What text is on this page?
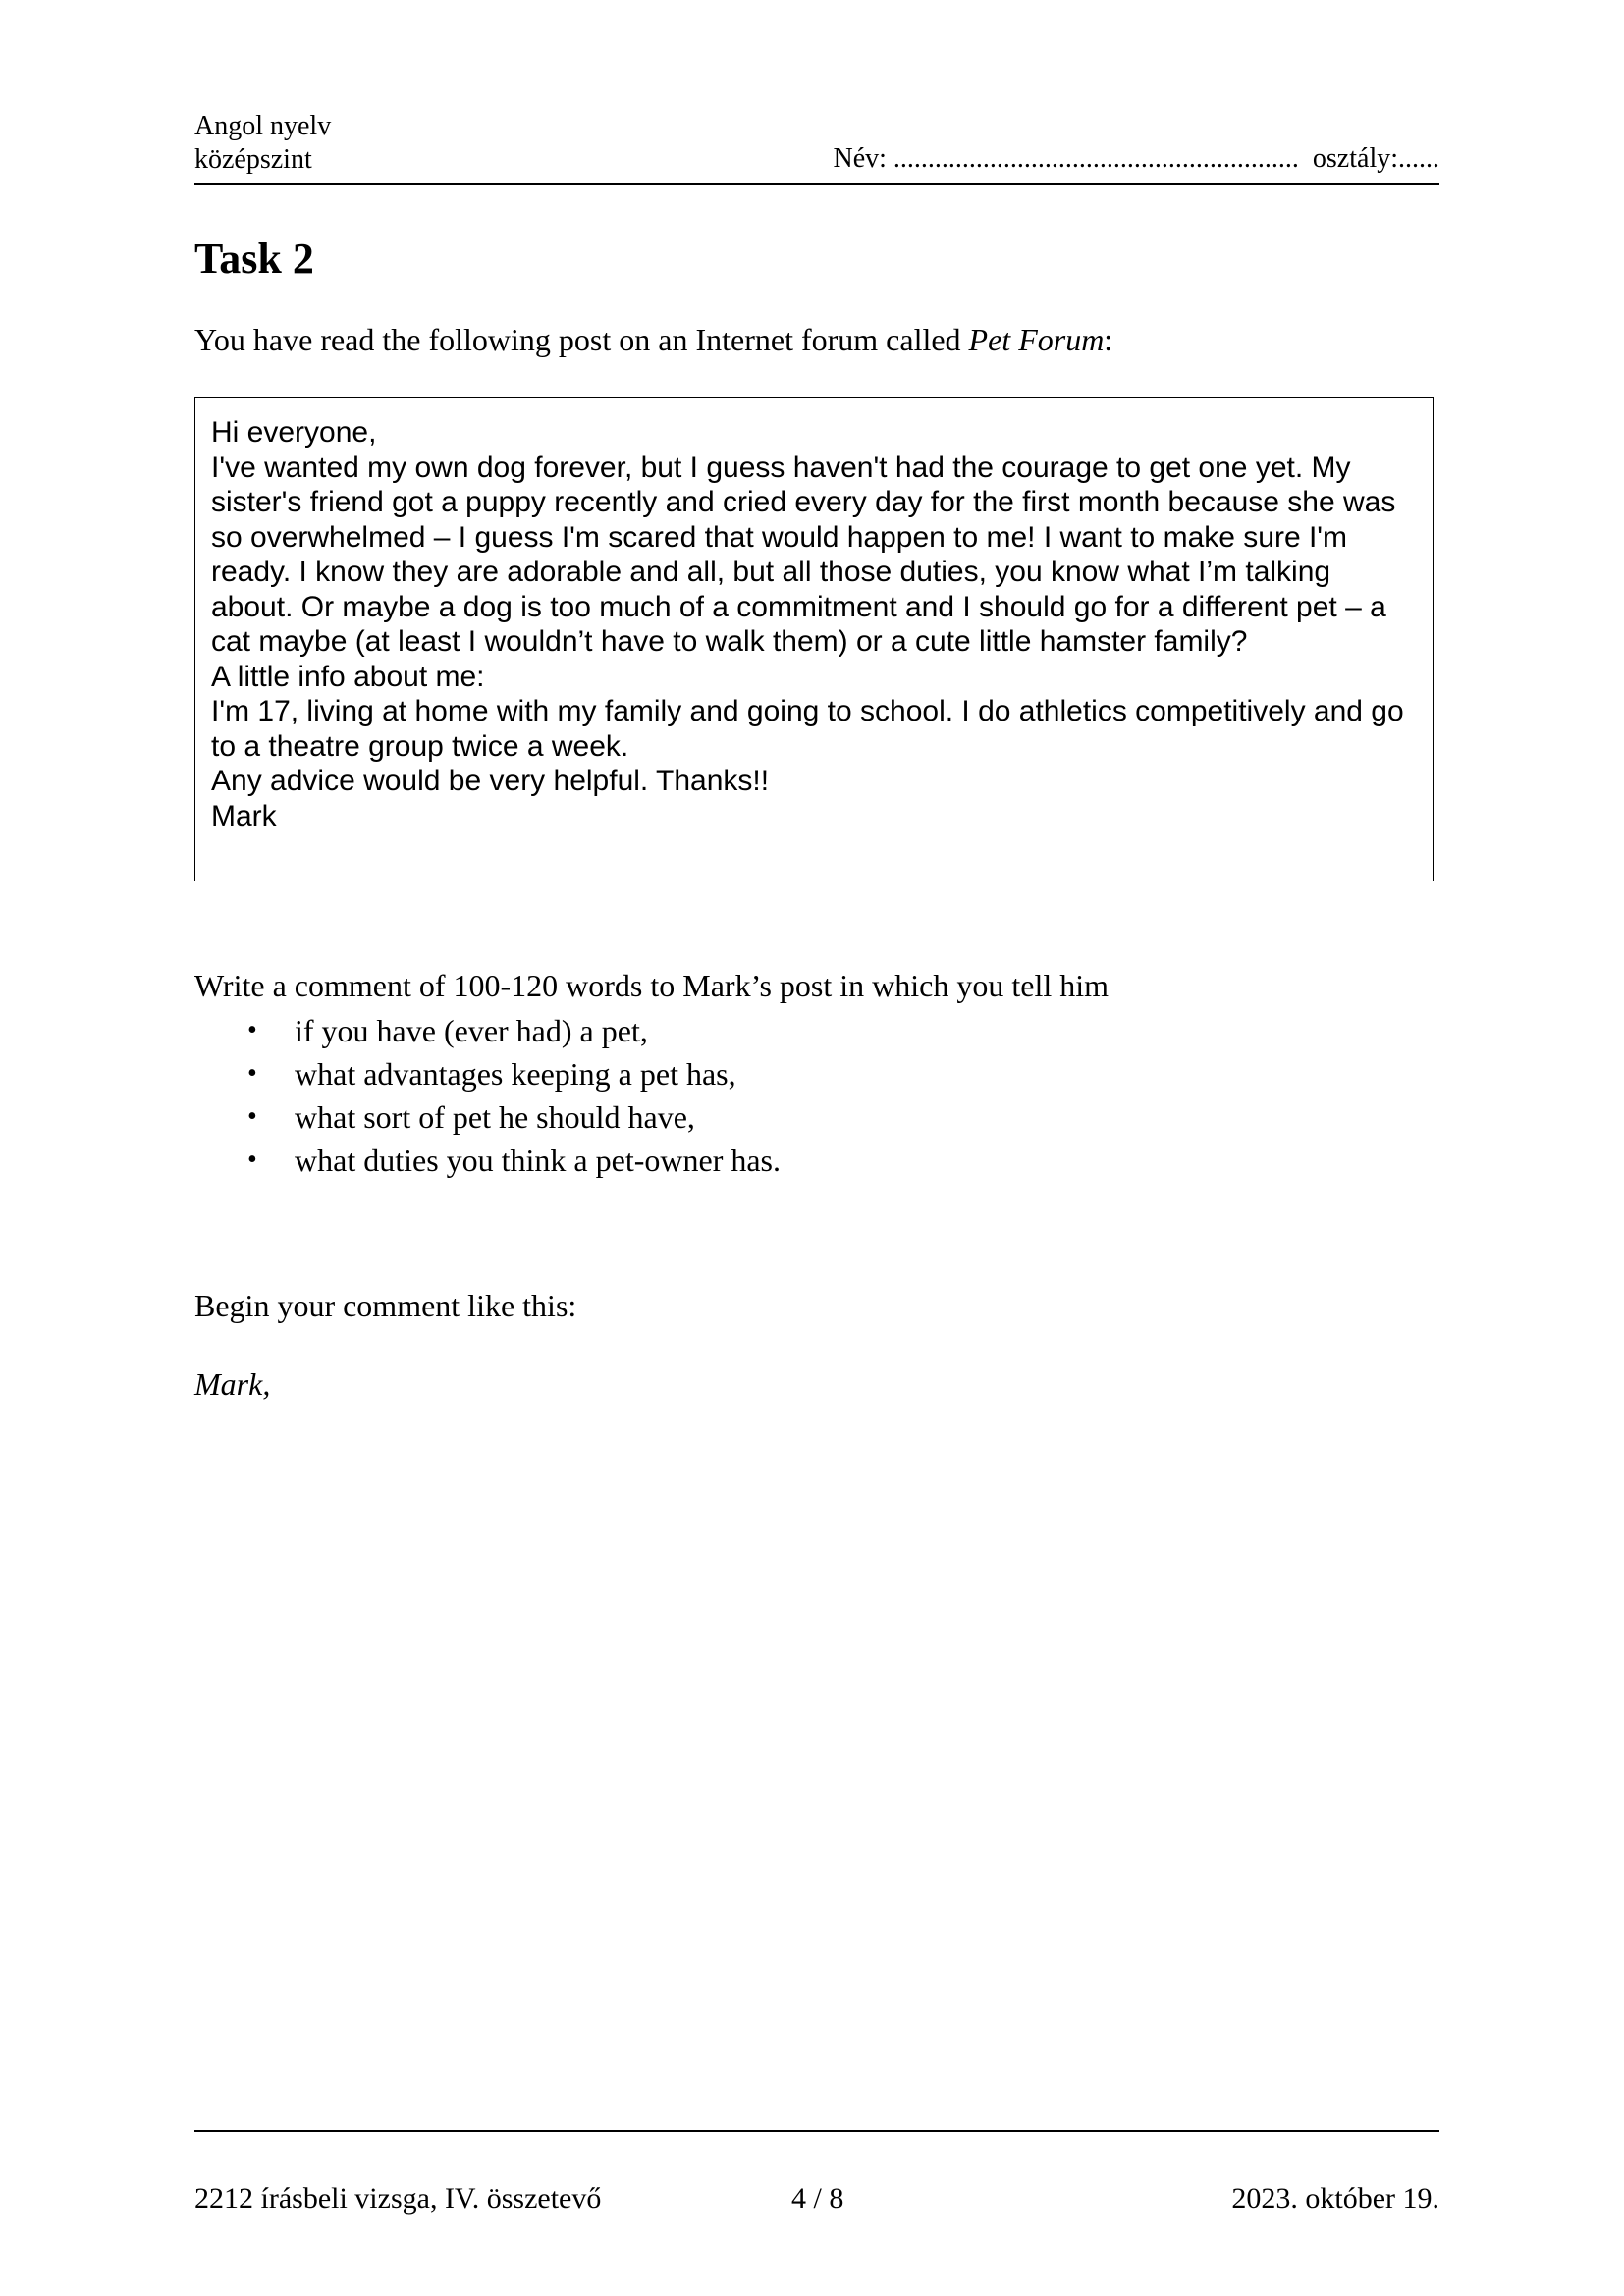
Angol nyelv
középszint	Név: ........................................................... osztály:......
Task 2
You have read the following post on an Internet forum called Pet Forum:

Hi everyone,

I've wanted my own dog forever, but I guess haven't had the courage to get one yet. My sister's friend got a puppy recently and cried every day for the first month because she was so overwhelmed – I guess I'm scared that would happen to me! I want to make sure I'm ready. I know they are adorable and all, but all those duties, you know what I’m talking about. Or maybe a dog is too much of a commitment and I should go for a different pet – a cat maybe (at least I wouldn’t have to walk them) or a cute little hamster family?

A little info about me:

I'm 17, living at home with my family and going to school. I do athletics competitively and go to a theatre group twice a week.

Any advice would be very helpful. Thanks!!

Mark

Write a comment of 100-120 words to Mark’s post in which you tell him
• if you have (ever had) a pet,
• what advantages keeping a pet has,
• what sort of pet he should have,
• what duties you think a pet-owner has.
Begin your comment like this:
Mark,
2212 írásbeli vizsga, IV. összetevő	4 / 8	2023. október 19.
